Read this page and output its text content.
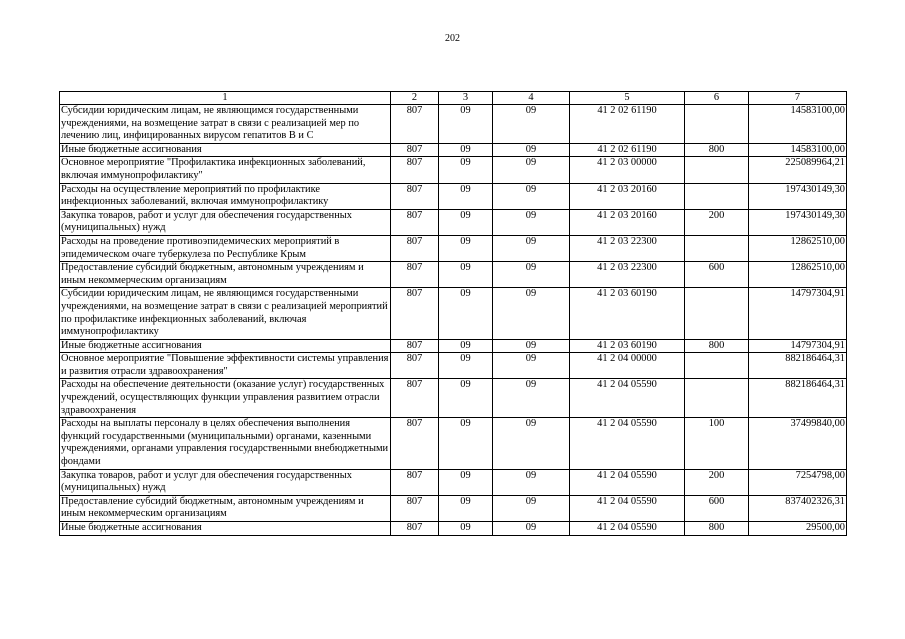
202
1	2	3	4	5	6	7
Субсидии юридическим лицам, не являющимся государственными учреждениями, на возмещение затрат в связи с реализацией мер по лечению лиц, инфицированных вирусом гепатитов В и С	807	09	09	41 2 02 61190		14583100,00
Иные бюджетные ассигнования	807	09	09	41 2 02 61190	800	14583100,00
Основное мероприятие "Профилактика инфекционных заболеваний, включая иммунопрофилактику"	807	09	09	41 2 03 00000		225089964,21
Расходы на осуществление мероприятий по профилактике инфекционных заболеваний, включая иммунопрофилактику	807	09	09	41 2 03 20160		197430149,30
Закупка товаров, работ и услуг для обеспечения государственных (муниципальных) нужд	807	09	09	41 2 03 20160	200	197430149,30
Расходы на проведение противоэпидемических мероприятий в эпидемическом очаге туберкулеза по Республике Крым	807	09	09	41 2 03 22300		12862510,00
Предоставление субсидий бюджетным, автономным учреждениям и иным некоммерческим организациям	807	09	09	41 2 03 22300	600	12862510,00
Субсидии юридическим лицам, не являющимся государственными учреждениями, на возмещение затрат в связи с реализацией мероприятий по профилактике инфекционных заболеваний, включая иммунопрофилактику	807	09	09	41 2 03 60190		14797304,91
Иные бюджетные ассигнования	807	09	09	41 2 03 60190	800	14797304,91
Основное мероприятие "Повышение эффективности системы управления и развития отрасли здравоохранения"	807	09	09	41 2 04 00000		882186464,31
Расходы на обеспечение деятельности (оказание услуг) государственных учреждений, осуществляющих функции управления развитием отрасли здравоохранения	807	09	09	41 2 04 05590		882186464,31
Расходы на выплаты персоналу в целях обеспечения выполнения функций государственными (муниципальными) органами, казенными учреждениями, органами управления государственными внебюджетными фондами	807	09	09	41 2 04 05590	100	37499840,00
Закупка товаров, работ и услуг для обеспечения государственных (муниципальных) нужд	807	09	09	41 2 04 05590	200	7254798,00
Предоставление субсидий бюджетным, автономным учреждениям и иным некоммерческим организациям	807	09	09	41 2 04 05590	600	837402326,31
Иные бюджетные ассигнования	807	09	09	41 2 04 05590	800	29500,00
